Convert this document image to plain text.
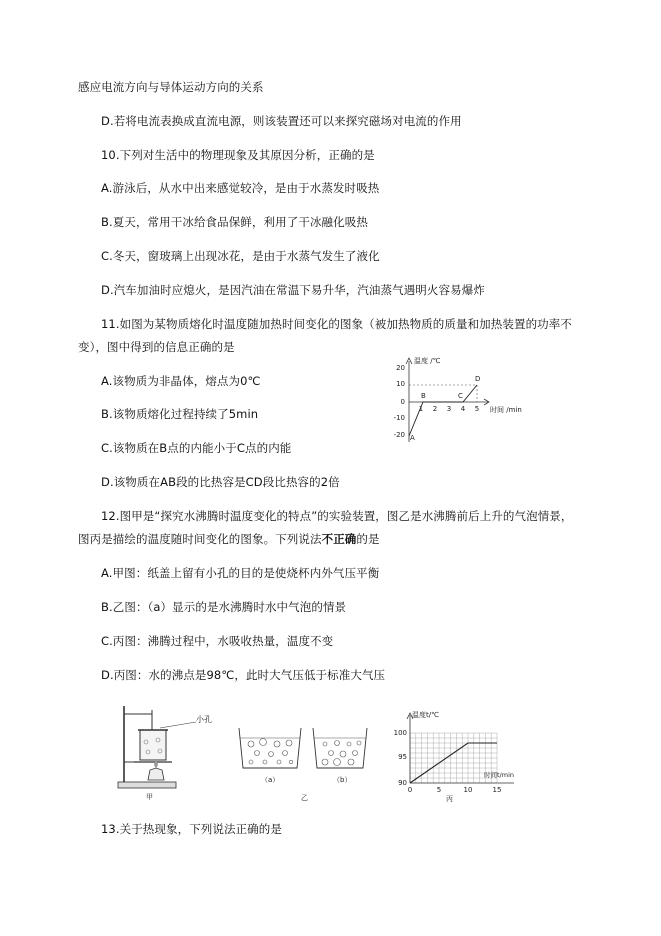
感应电流方向与导体运动方向的关系
D.若将电流表换成直流电源，则该装置还可以来探究磁场对电流的作用
10.下列对生活中的物理现象及其原因分析，正确的是
A.游泳后，从水中出来感觉较冷，是由于水蒸发时吸热
B.夏天，常用干冰给食品保鲜，利用了干冰融化吸热
C.冬天，窗玻璃上出现冰花，是由于水蒸气发生了液化
D.汽车加油时应熄火，是因汽油在常温下易升华，汽油蒸气遇明火容易爆炸
11.如图为某物质熔化时温度随加热时间变化的图象（被加热物质的质量和加热装置的功率不
变），图中得到的信息正确的是
A.该物质为非晶体，熔点为0℃
B.该物质熔化过程持续了5min
C.该物质在B点的内能小于C点的内能
D.该物质在AB段的比热容是CD段比热容的2倍
12.图甲是“探究水沸腾时温度变化的特点”的实验装置，图乙是水沸腾前后上升的气泡情景，
图丙是描绘的温度随时间变化的图象。下列说法不正确的是
A.甲图：纸盖上留有小孔的目的是使烧杯内外气压平衡
B.乙图：（a）显示的是水沸腾时水中气泡的情景
C.丙图：沸腾过程中，水吸收热量，温度不变
D.丙图：水的沸点是98℃，此时大气压低于标准大气压
13.关于热现象，下列说法正确的是
温度 /℃
时间 /min
20
10
0
-10
-20
1 2 3 4 5
A
B	C
D
小孔
甲
（a）	（b）
乙
温度t/℃
时间t/min
100
95
90
0	5	10	15
丙
